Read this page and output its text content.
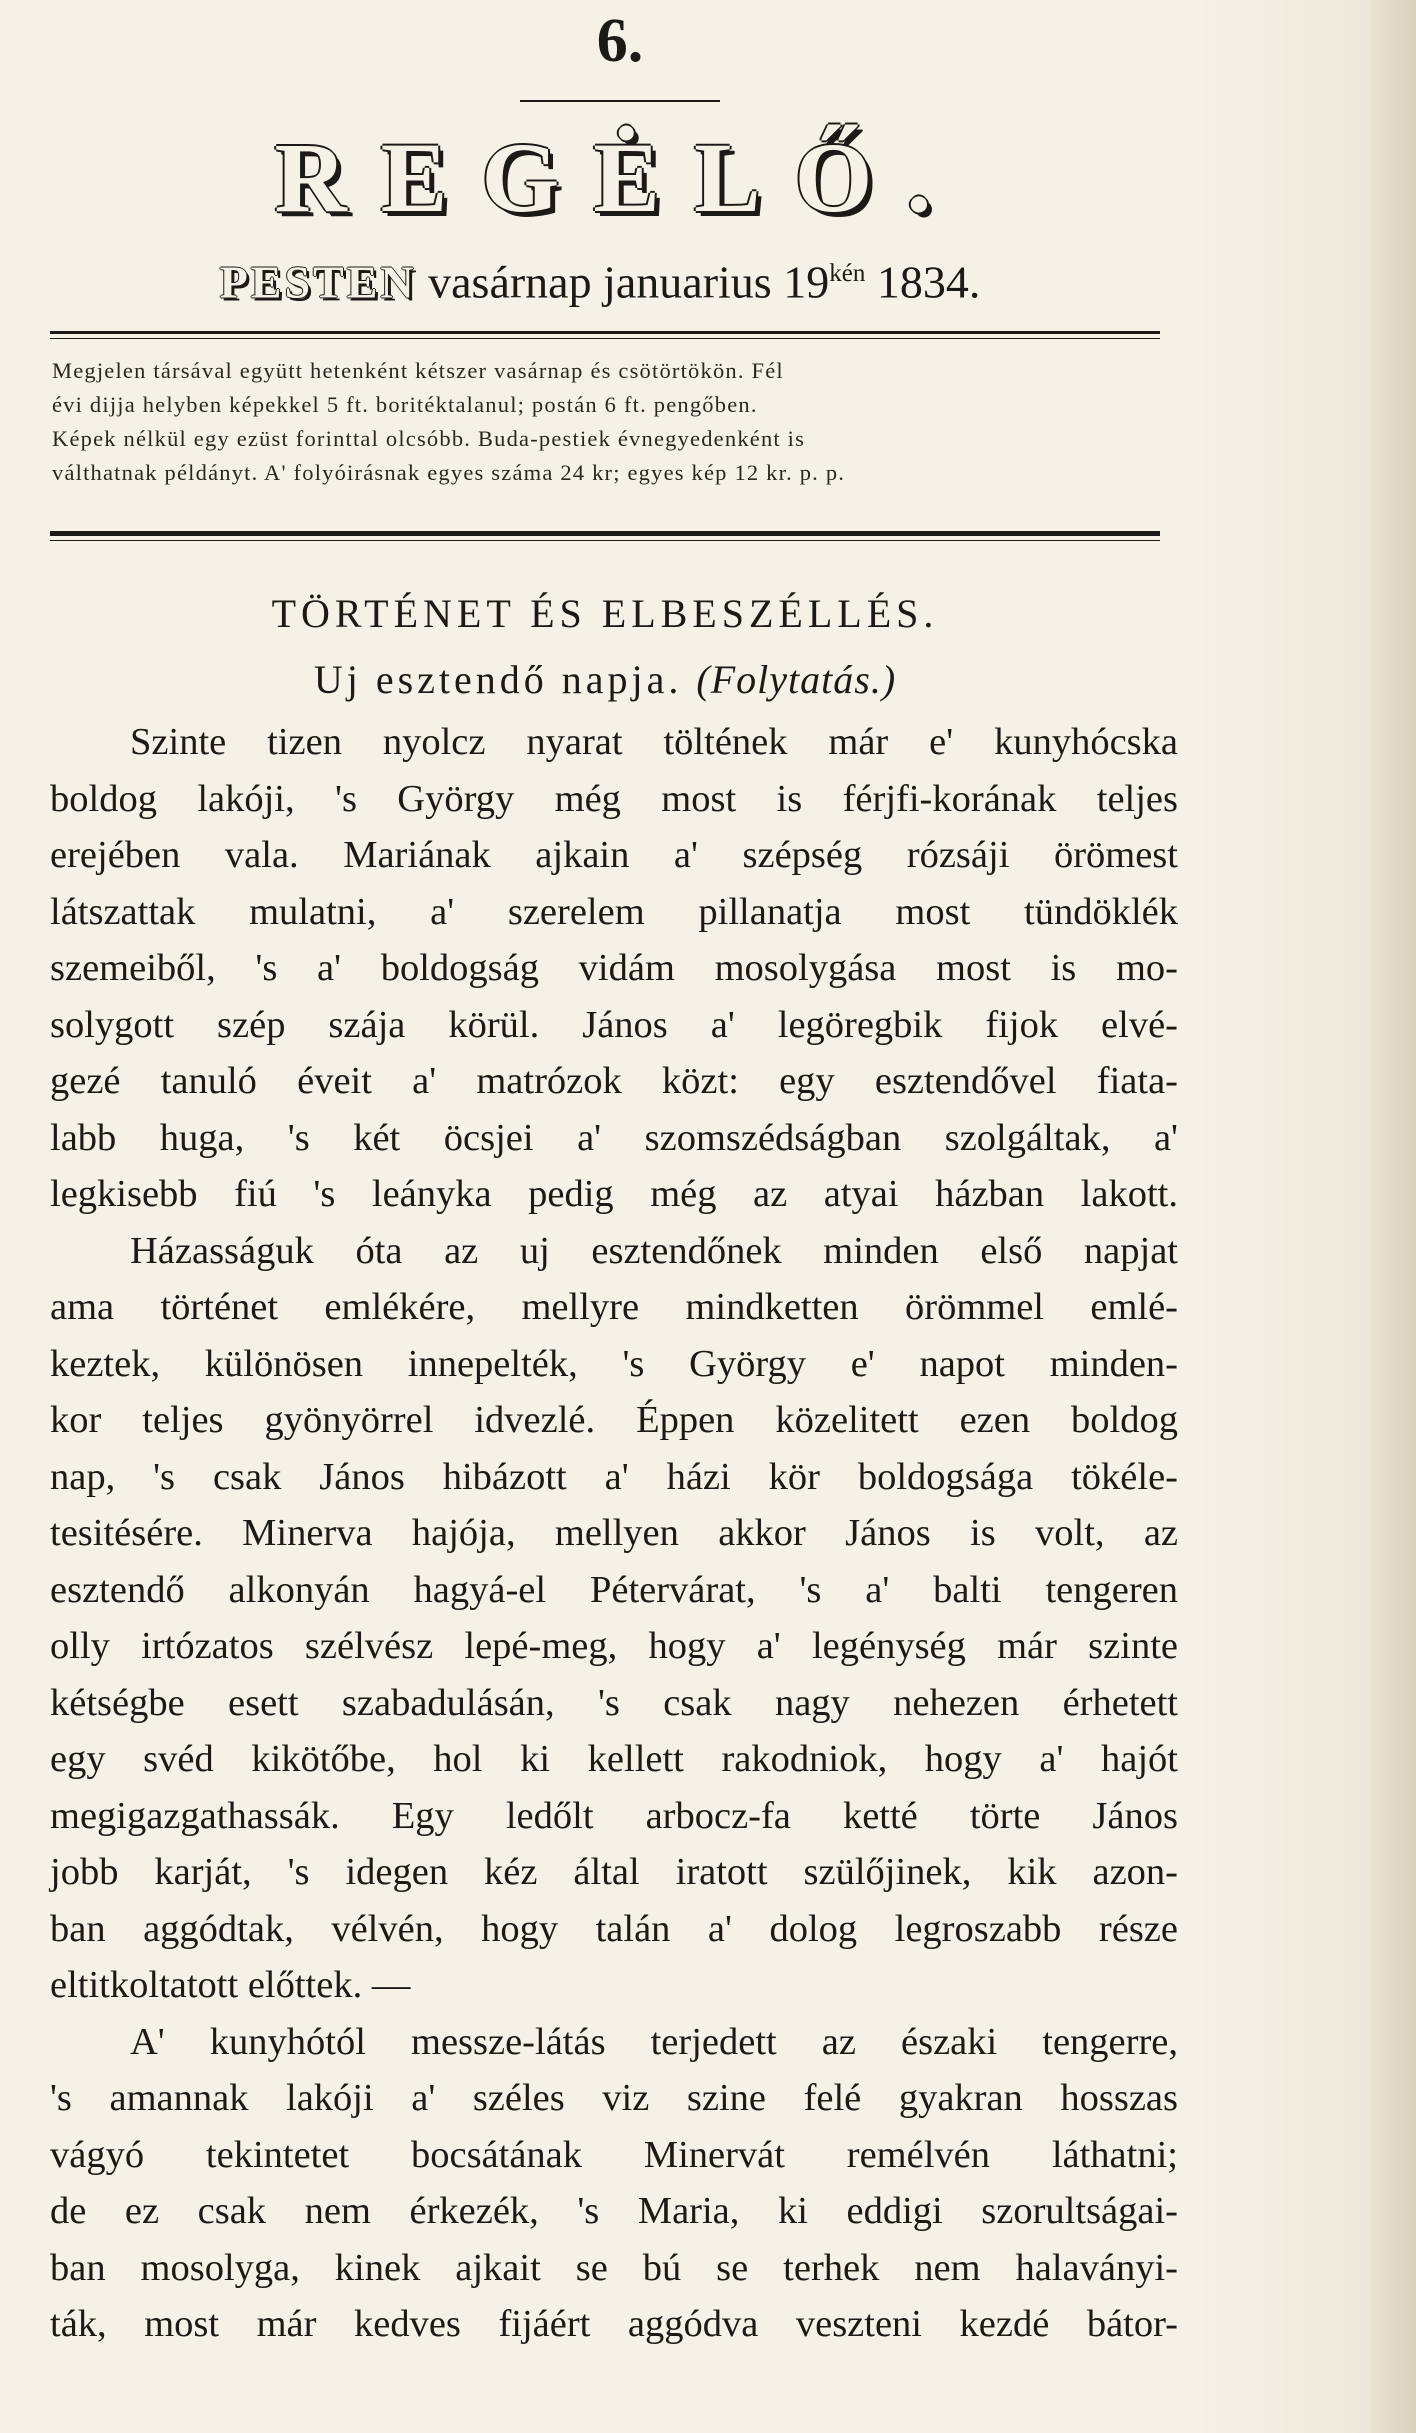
6.
REGĖLŐ.
PESTEN vasárnap januarius $19^{kén}$ 1834.

Megjelen társával együtt hetenként kétszer vasárnap és csötörtökön. Fél

évi dijja helyben képekkel 5 ft. boritéktalanul; postán 6 ft. pengőben.

Képek nélkül egy ezüst forinttal olcsóbb. Buda-pestiek évnegyedenként is

válthatnak példányt. A' folyóirásnak egyes száma 24 kr; egyes kép 12 kr. p. p.

TÖRTÉNET ÉS ELBESZÉLLÉS.
Uj esztendő napja. (Folytatás.)
Szinte tizen nyolcz nyarat töltének már e' kunyhócska
boldog lakóji, 's György még most is férjfi-korának teljes
erejében vala. Mariának ajkain a' szépség rózsáji örömest
látszattak mulatni, a' szerelem pillanatja most tündöklék
szemeiből, 's a' boldogság vidám mosolygása most is mo-
solygott szép szája körül. János a' legöregbik fijok elvé-
gezé tanuló éveit a' matrózok közt: egy esztendővel fiata-
labb huga, 's két öcsjei a' szomszédságban szolgáltak, a'
legkisebb fiú 's leányka pedig még az atyai házban lakott.
Házasságuk óta az uj esztendőnek minden első napjat
ama történet emlékére, mellyre mindketten örömmel emlé-
keztek, különösen innepelték, 's György e' napot minden-
kor teljes gyönyörrel idvezlé. Éppen közelitett ezen boldog
nap, 's csak János hibázott a' házi kör boldogsága tökéle-
tesitésére. Minerva hajója, mellyen akkor János is volt, az
esztendő alkonyán hagyá-el Pétervárat, 's a' balti tengeren
olly irtózatos szélvész lepé-meg, hogy a' legénység már szinte
kétségbe esett szabadulásán, 's csak nagy nehezen érhetett
egy svéd kikötőbe, hol ki kellett rakodniok, hogy a' hajót
megigazgathassák. Egy ledőlt arbocz-fa ketté törte János
jobb karját, 's idegen kéz által iratott szülőjinek, kik azon-
ban aggódtak, vélvén, hogy talán a' dolog legroszabb része
eltitkoltatott előttek. —
A' kunyhótól messze-látás terjedett az északi tengerre,
's amannak lakóji a' széles viz szine felé gyakran hosszas
vágyó tekintetet bocsátának Minervát remélvén láthatni;
de ez csak nem érkezék, 's Maria, ki eddigi szorultságai-
ban mosolyga, kinek ajkait se bú se terhek nem halaványi-
ták, most már kedves fijáért aggódva veszteni kezdé bátor-
